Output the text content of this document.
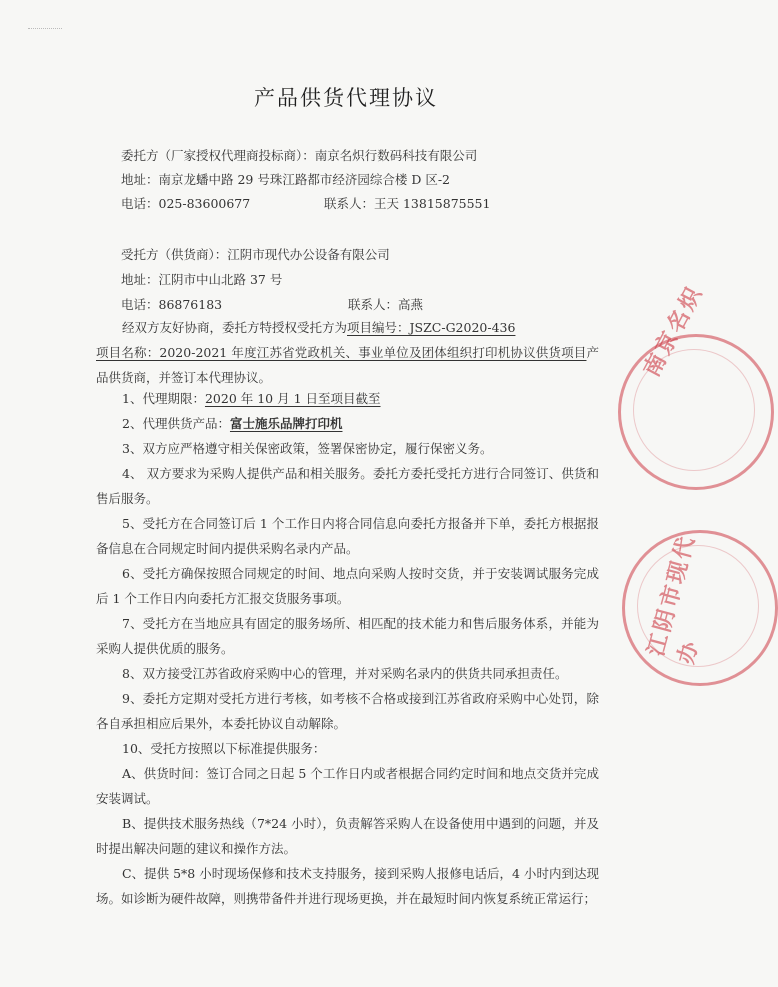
产品供货代理协议
委托方（厂家授权代理商投标商）：南京名炽行数码科技有限公司
地址：南京龙蟠中路 29 号珠江路都市经济园综合楼 D 区-2
电话：025-83600677	联系人：王天 13815875551
受托方（供货商）：江阴市现代办公设备有限公司
地址：江阴市中山北路 37 号
电话：86876183	联系人：高燕
经双方友好协商，委托方特授权受托方为项目编号：JSZC-G2020-436
项目名称：2020-2021 年度江苏省党政机关、事业单位及团体组织打印机协议供货项目产品供货商，并签订本代理协议。
1、代理期限：2020 年 10 月 1 日至项目截至
2、代理供货产品：富士施乐品牌打印机
3、双方应严格遵守相关保密政策，签署保密协定，履行保密义务。
4、 双方要求为采购人提供产品和相关服务。委托方委托受托方进行合同签订、供货和售后服务。
5、受托方在合同签订后 1 个工作日内将合同信息向委托方报备并下单，委托方根据报备信息在合同规定时间内提供采购名录内产品。
6、受托方确保按照合同规定的时间、地点向采购人按时交货，并于安装调试服务完成后 1 个工作日内向委托方汇报交货服务事项。
7、受托方在当地应具有固定的服务场所、相匹配的技术能力和售后服务体系，并能为采购人提供优质的服务。
8、双方接受江苏省政府采购中心的管理，并对采购名录内的供货共同承担责任。
9、委托方定期对受托方进行考核，如考核不合格或接到江苏省政府采购中心处罚，除各自承担相应后果外，本委托协议自动解除。
10、受托方按照以下标准提供服务：
A、供货时间：签订合同之日起 5 个工作日内或者根据合同约定时间和地点交货并完成安装调试。
B、提供技术服务热线（7*24 小时），负责解答采购人在设备使用中遇到的问题，并及时提出解决问题的建议和操作方法。
C、提供 5*8 小时现场保修和技术支持服务，接到采购人报修电话后，4 小时内到达现场。如诊断为硬件故障，则携带备件并进行现场更换，并在最短时间内恢复系统正常运行；
南京名炽
江阴市现代办
